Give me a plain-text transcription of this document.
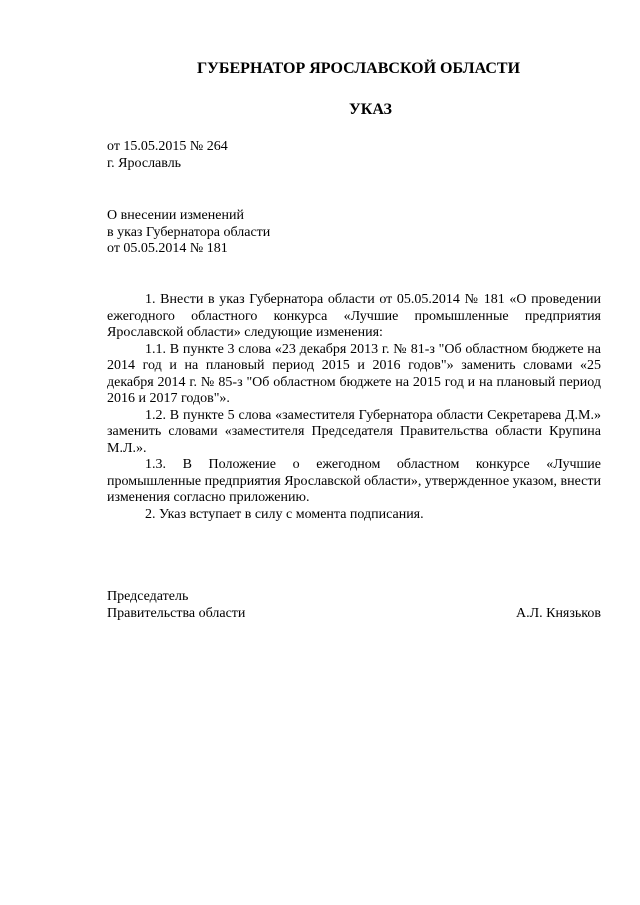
ГУБЕРНАТОР ЯРОСЛАВСКОЙ ОБЛАСТИ
УКАЗ
от 15.05.2015 № 264
г. Ярославль
О внесении изменений
в указ Губернатора области
от 05.05.2014 № 181

1. Внести в указ Губернатора области от 05.05.2014 № 181 «О проведении ежегодного областного конкурса «Лучшие промышленные предприятия Ярославской области» следующие изменения:

1.1. В пункте 3 слова «23 декабря 2013 г. № 81-з "Об областном бюджете на 2014 год и на плановый период 2015 и 2016 годов"» заменить словами «25 декабря 2014 г. № 85-з "Об областном бюджете на 2015 год и на плановый период 2016 и 2017 годов"».

1.2. В пункте 5 слова «заместителя Губернатора области Секретарева Д.М.» заменить словами «заместителя Председателя Правительства области Крупина М.Л.».

1.3. В Положение о ежегодном областном конкурсе «Лучшие промышленные предприятия Ярославской области», утвержденное указом, внести изменения согласно приложению.

2. Указ вступает в силу с момента подписания.

Председатель
Правительства области	А.Л. Князьков
